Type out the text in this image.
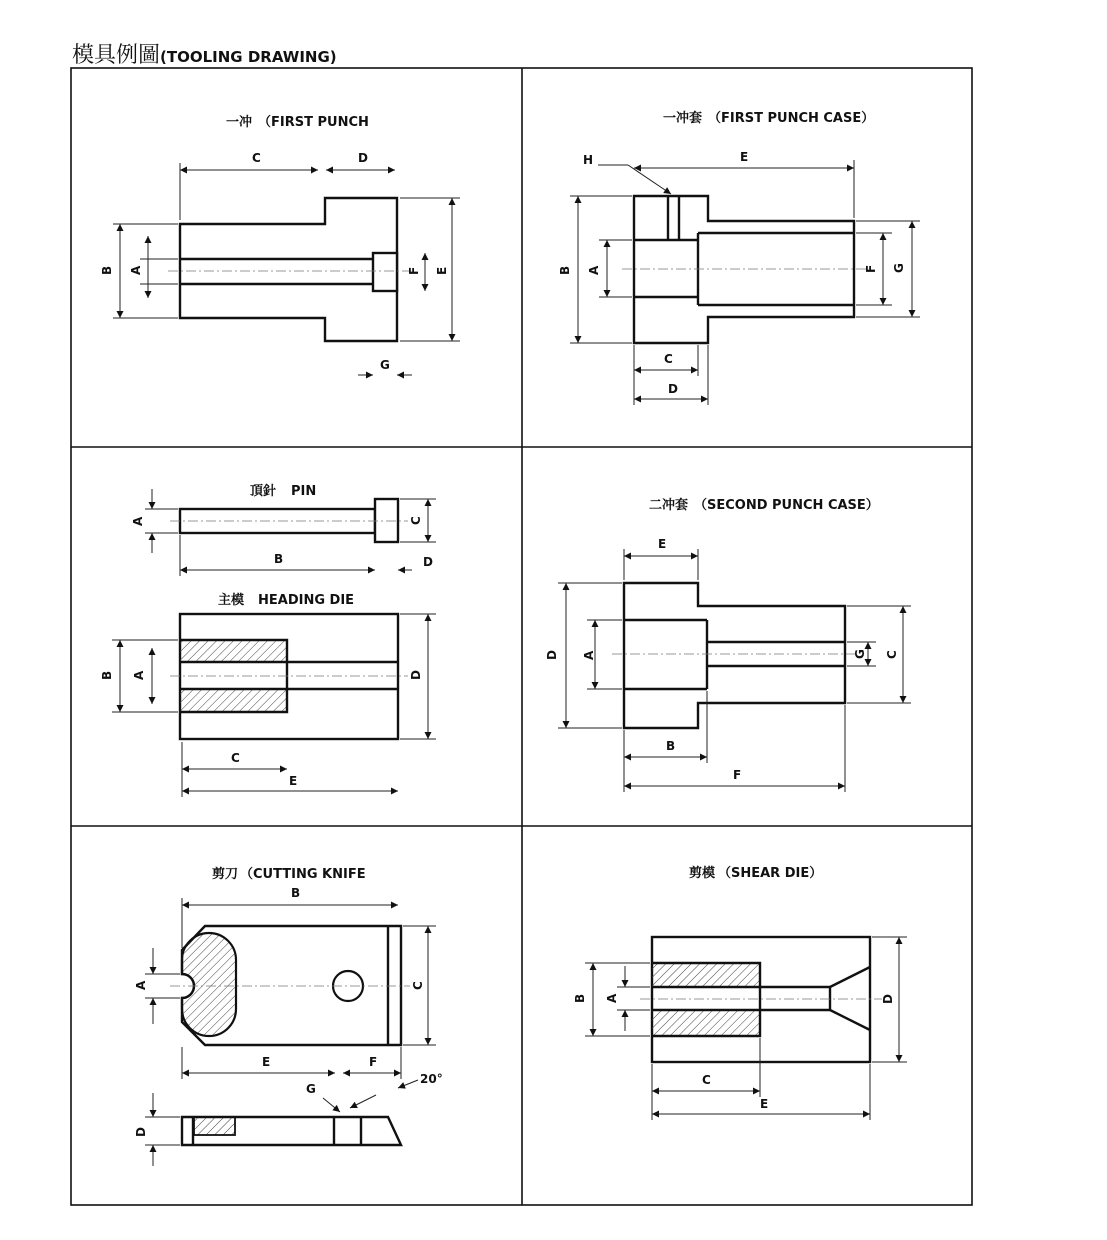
模具例圖(TOOLING DRAWING)
一冲 （FIRST PUNCH
C	D
B A	F E
G
一冲套 （FIRST PUNCH CASE）
H	E
B A	F G
C
D
頂針 PIN
A	C
B	D
主模 HEADING DIE
B A	D
C
E
二冲套 （SECOND PUNCH CASE）
E
D A	G C
B
F
剪刀 （CUTTING KNIFE
B
A	C
E	F
G
20°
D
剪模 （SHEAR DIE）
B A	D
C
E
